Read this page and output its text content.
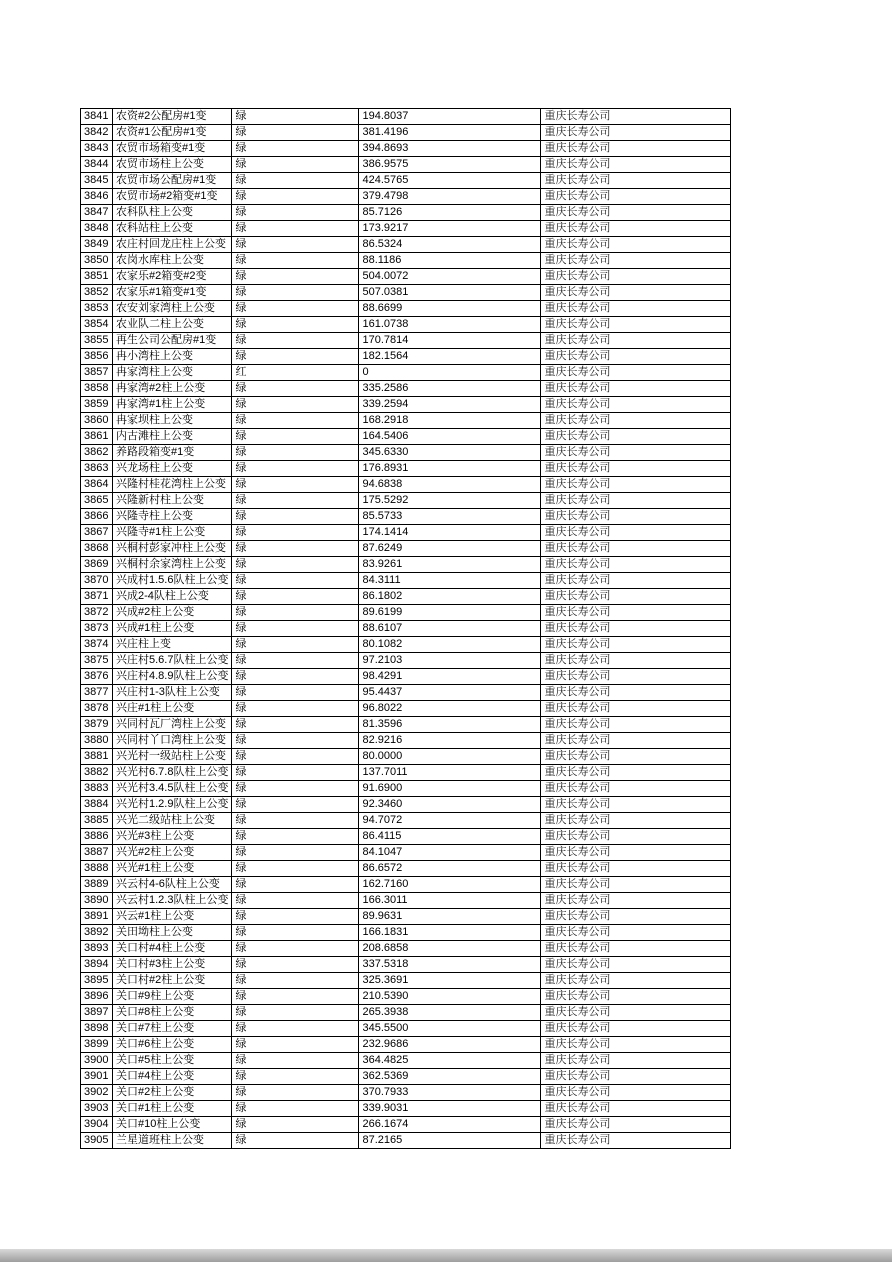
3841	农资#2公配房#1变	绿	194.8037	重庆长寿公司
3842	农资#1公配房#1变	绿	381.4196	重庆长寿公司
3843	农贸市场箱变#1变	绿	394.8693	重庆长寿公司
3844	农贸市场柱上公变	绿	386.9575	重庆长寿公司
3845	农贸市场公配房#1变	绿	424.5765	重庆长寿公司
3846	农贸市场#2箱变#1变	绿	379.4798	重庆长寿公司
3847	农科队柱上公变	绿	85.7126	重庆长寿公司
3848	农科站柱上公变	绿	173.9217	重庆长寿公司
3849	农庄村回龙庄柱上公变	绿	86.5324	重庆长寿公司
3850	农岗水库柱上公变	绿	88.1186	重庆长寿公司
3851	农家乐#2箱变#2变	绿	504.0072	重庆长寿公司
3852	农家乐#1箱变#1变	绿	507.0381	重庆长寿公司
3853	农安刘家湾柱上公变	绿	88.6699	重庆长寿公司
3854	农业队二柱上公变	绿	161.0738	重庆长寿公司
3855	再生公司公配房#1变	绿	170.7814	重庆长寿公司
3856	冉小湾柱上公变	绿	182.1564	重庆长寿公司
3857	冉家湾柱上公变	红	0	重庆长寿公司
3858	冉家湾#2柱上公变	绿	335.2586	重庆长寿公司
3859	冉家湾#1柱上公变	绿	339.2594	重庆长寿公司
3860	冉家坝柱上公变	绿	168.2918	重庆长寿公司
3861	内古滩柱上公变	绿	164.5406	重庆长寿公司
3862	养路段箱变#1变	绿	345.6330	重庆长寿公司
3863	兴龙场柱上公变	绿	176.8931	重庆长寿公司
3864	兴隆村桂花湾柱上公变	绿	94.6838	重庆长寿公司
3865	兴隆新村柱上公变	绿	175.5292	重庆长寿公司
3866	兴隆寺柱上公变	绿	85.5733	重庆长寿公司
3867	兴隆寺#1柱上公变	绿	174.1414	重庆长寿公司
3868	兴桐村彭家冲柱上公变	绿	87.6249	重庆长寿公司
3869	兴桐村余家湾柱上公变	绿	83.9261	重庆长寿公司
3870	兴成村1.5.6队柱上公变	绿	84.3111	重庆长寿公司
3871	兴成2-4队柱上公变	绿	86.1802	重庆长寿公司
3872	兴成#2柱上公变	绿	89.6199	重庆长寿公司
3873	兴成#1柱上公变	绿	88.6107	重庆长寿公司
3874	兴庄柱上变	绿	80.1082	重庆长寿公司
3875	兴庄村5.6.7队柱上公变	绿	97.2103	重庆长寿公司
3876	兴庄村4.8.9队柱上公变	绿	98.4291	重庆长寿公司
3877	兴庄村1-3队柱上公变	绿	95.4437	重庆长寿公司
3878	兴庄#1柱上公变	绿	96.8022	重庆长寿公司
3879	兴同村瓦厂湾柱上公变	绿	81.3596	重庆长寿公司
3880	兴同村丫口湾柱上公变	绿	82.9216	重庆长寿公司
3881	兴光村一级站柱上公变	绿	80.0000	重庆长寿公司
3882	兴光村6.7.8队柱上公变	绿	137.7011	重庆长寿公司
3883	兴光村3.4.5队柱上公变	绿	91.6900	重庆长寿公司
3884	兴光村1.2.9队柱上公变	绿	92.3460	重庆长寿公司
3885	兴光二级站柱上公变	绿	94.7072	重庆长寿公司
3886	兴光#3柱上公变	绿	86.4115	重庆长寿公司
3887	兴光#2柱上公变	绿	84.1047	重庆长寿公司
3888	兴光#1柱上公变	绿	86.6572	重庆长寿公司
3889	兴云村4-6队柱上公变	绿	162.7160	重庆长寿公司
3890	兴云村1.2.3队柱上公变	绿	166.3011	重庆长寿公司
3891	兴云#1柱上公变	绿	89.9631	重庆长寿公司
3892	关田坳柱上公变	绿	166.1831	重庆长寿公司
3893	关口村#4柱上公变	绿	208.6858	重庆长寿公司
3894	关口村#3柱上公变	绿	337.5318	重庆长寿公司
3895	关口村#2柱上公变	绿	325.3691	重庆长寿公司
3896	关口#9柱上公变	绿	210.5390	重庆长寿公司
3897	关口#8柱上公变	绿	265.3938	重庆长寿公司
3898	关口#7柱上公变	绿	345.5500	重庆长寿公司
3899	关口#6柱上公变	绿	232.9686	重庆长寿公司
3900	关口#5柱上公变	绿	364.4825	重庆长寿公司
3901	关口#4柱上公变	绿	362.5369	重庆长寿公司
3902	关口#2柱上公变	绿	370.7933	重庆长寿公司
3903	关口#1柱上公变	绿	339.9031	重庆长寿公司
3904	关口#10柱上公变	绿	266.1674	重庆长寿公司
3905	兰星道班柱上公变	绿	87.2165	重庆长寿公司
